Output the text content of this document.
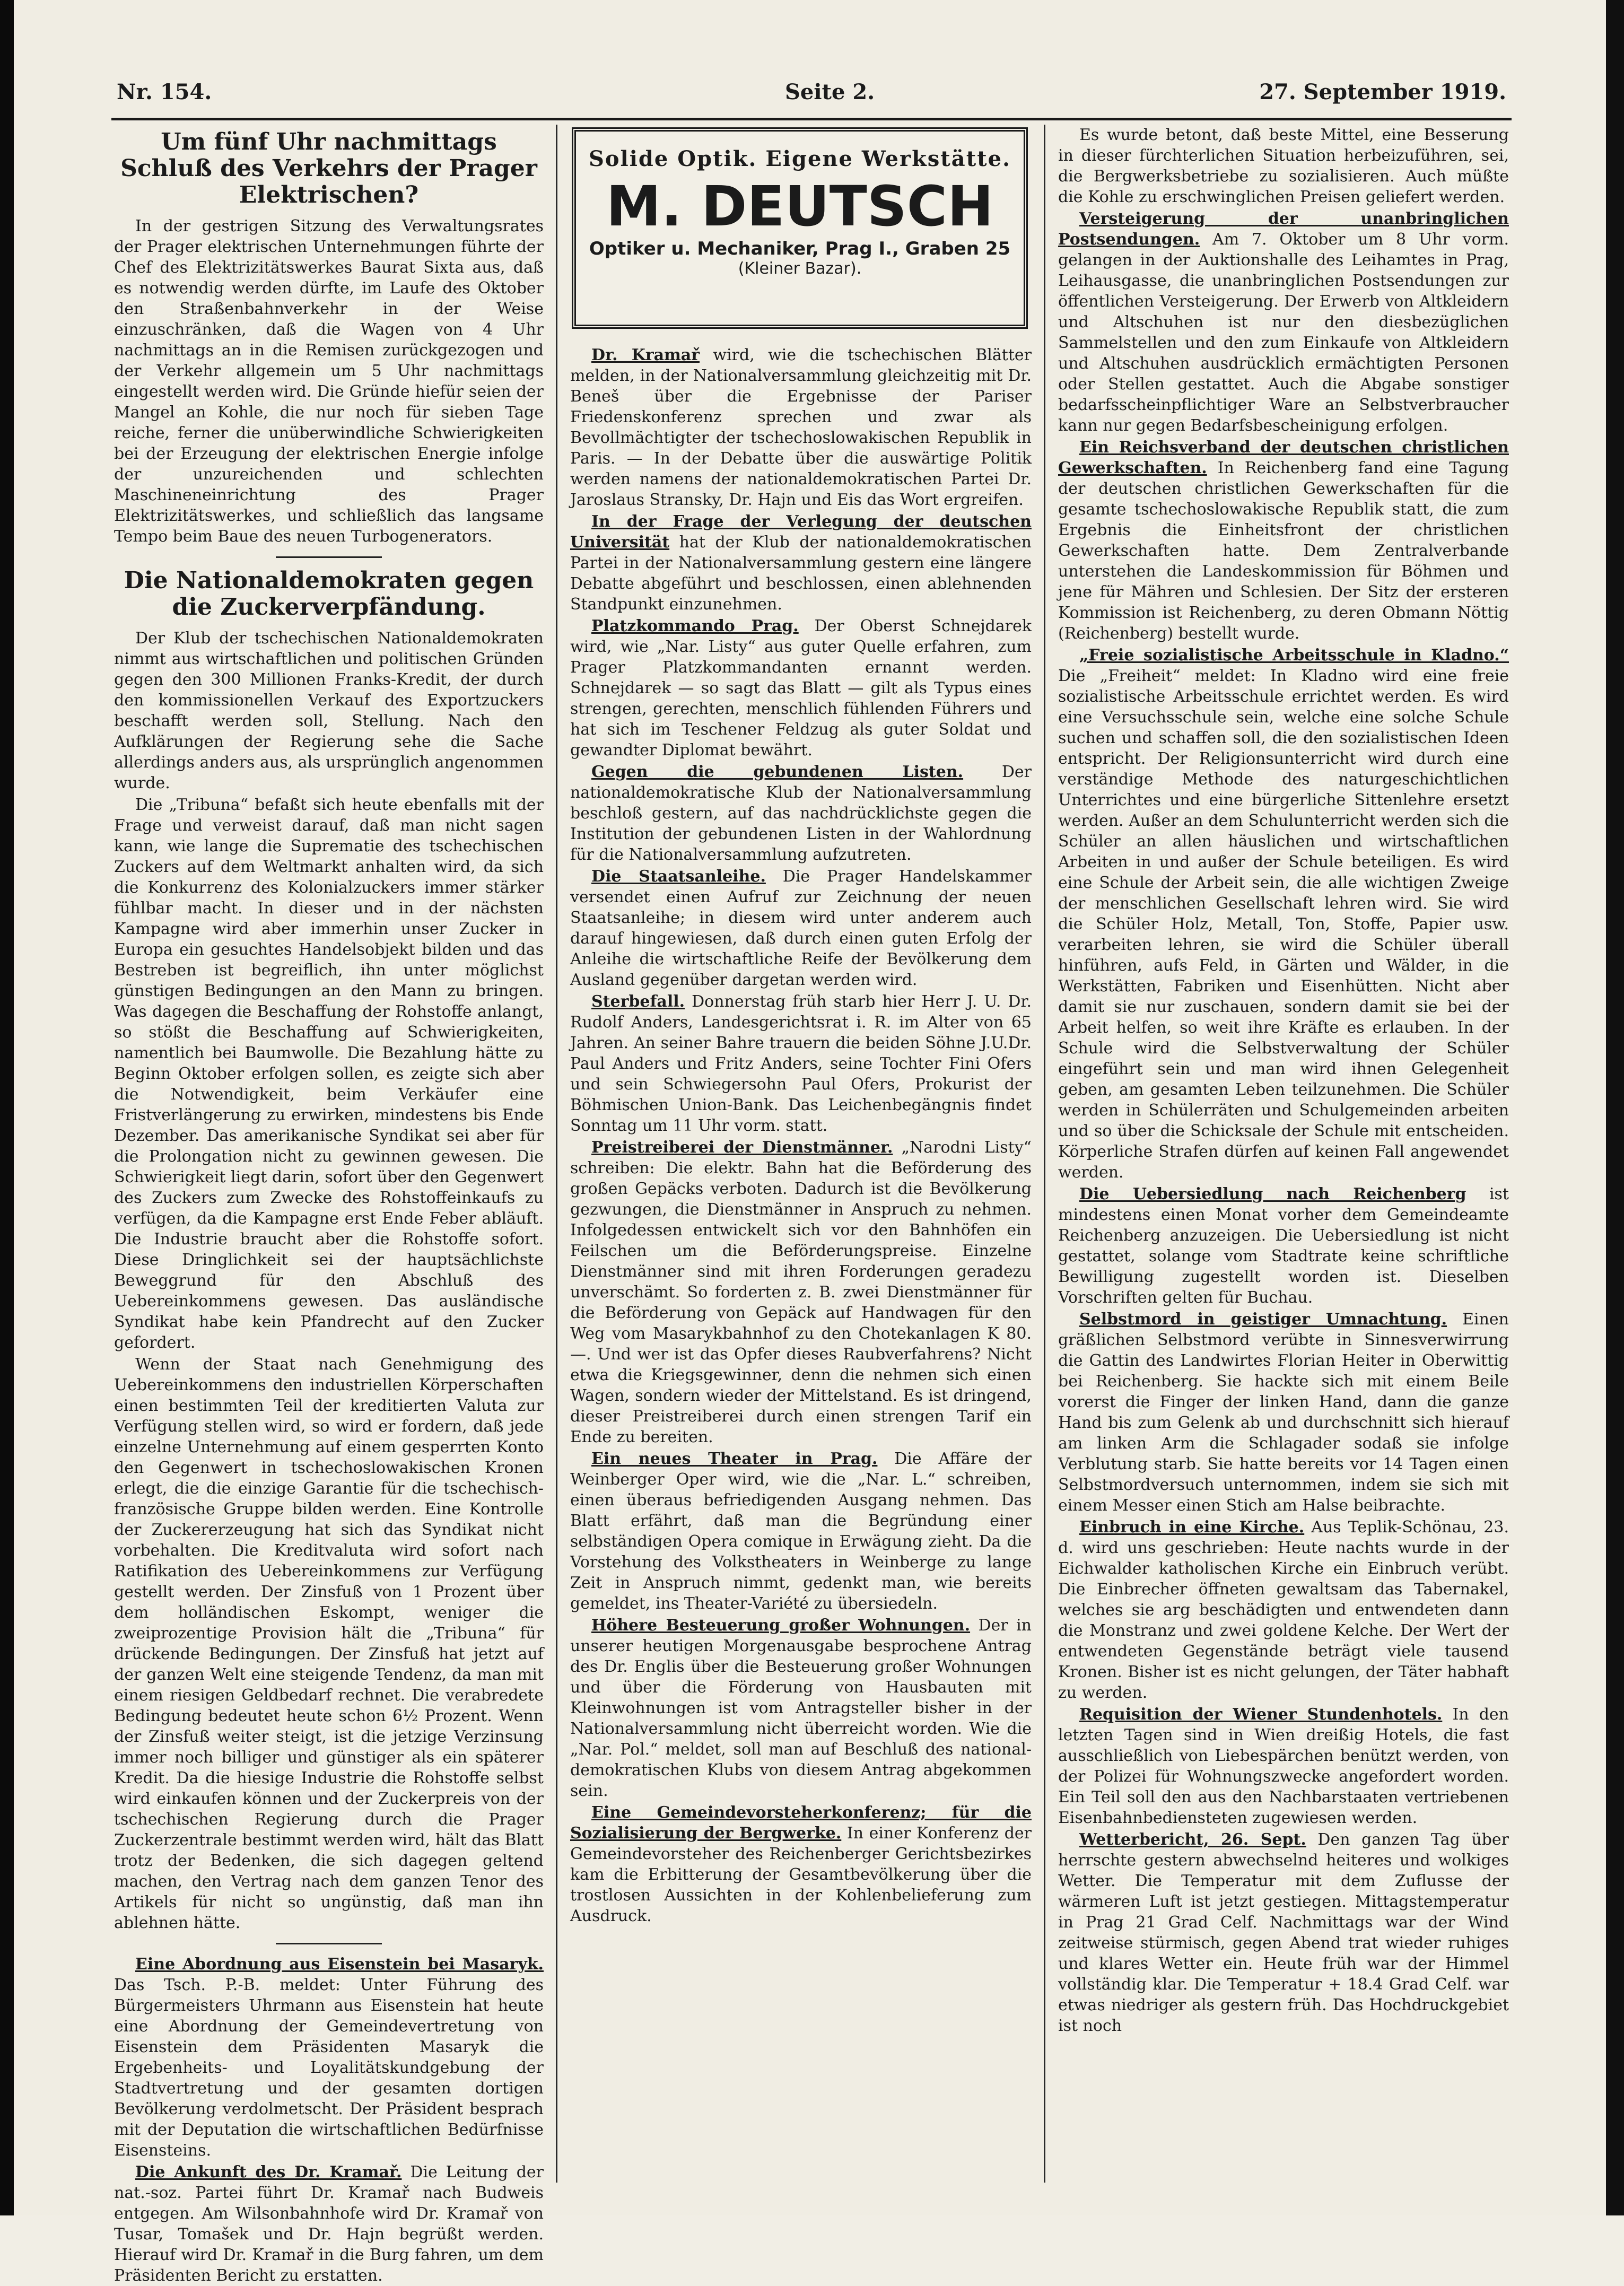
Nr. 154.	Seite 2.	27. September 1919.
Um fünf Uhr nachmittags Schluß des Verkehrs der Prager Elektrischen?

In der gestrigen Sitzung des Verwaltungsrates der Prager elektrischen Unternehmungen führte der Chef des Elektrizitätswerkes Baurat Sixta aus, daß es notwendig werden dürfte, im Laufe des Oktober den Straßenbahnverkehr in der Weise einzuschränken, daß die Wagen von 4 Uhr nachmittags an in die Remisen zurückgezogen und der Verkehr allgemein um 5 Uhr nachmittags eingestellt werden wird. Die Gründe hiefür seien der Mangel an Kohle, die nur noch für sieben Tage reiche, ferner die unüberwindliche Schwierigkeiten bei der Erzeugung der elektrischen Energie infolge der unzureichenden und schlechten Maschineneinrichtung des Prager Elektrizitätswerkes, und schließlich das langsame Tempo beim Baue des neuen Turbogenerators.

Die Nationaldemokraten gegen die Zuckerverpfändung.

Der Klub der tschechischen Nationaldemokraten nimmt aus wirtschaftlichen und politischen Gründen gegen den 300 Millionen Franks-Kredit, der durch den kommissionellen Verkauf des Exportzuckers beschafft werden soll, Stellung. Nach den Aufklärungen der Regierung sehe die Sache allerdings anders aus, als ursprünglich angenommen wurde.

Die „Tribuna“ befaßt sich heute ebenfalls mit der Frage und verweist darauf, daß man nicht sagen kann, wie lange die Suprematie des tschechischen Zuckers auf dem Weltmarkt anhalten wird, da sich die Konkurrenz des Kolonialzuckers immer stärker fühlbar macht. In dieser und in der nächsten Kampagne wird aber immerhin unser Zucker in Europa ein gesuchtes Handelsobjekt bilden und das Bestreben ist begreiflich, ihn unter möglichst günstigen Bedingungen an den Mann zu bringen. Was dagegen die Beschaffung der Rohstoffe anlangt, so stößt die Beschaffung auf Schwierigkeiten, namentlich bei Baumwolle. Die Bezahlung hätte zu Beginn Oktober erfolgen sollen, es zeigte sich aber die Notwendigkeit, beim Verkäufer eine Fristverlängerung zu erwirken, mindestens bis Ende Dezember. Das amerikanische Syndikat sei aber für die Prolongation nicht zu gewinnen gewesen. Die Schwierigkeit liegt darin, sofort über den Gegenwert des Zuckers zum Zwecke des Rohstoffeinkaufs zu verfügen, da die Kampagne erst Ende Feber abläuft. Die Industrie braucht aber die Rohstoffe sofort. Diese Dringlichkeit sei der hauptsächlichste Beweggrund für den Abschluß des Uebereinkommens gewesen. Das ausländische Syndikat habe kein Pfandrecht auf den Zucker gefordert.

Wenn der Staat nach Genehmigung des Uebereinkommens den industriellen Körperschaften einen bestimmten Teil der kreditierten Valuta zur Verfügung stellen wird, so wird er fordern, daß jede einzelne Unternehmung auf einem gesperrten Konto den Gegenwert in tschechoslowakischen Kronen erlegt, die die einzige Garantie für die tschechisch-französische Gruppe bilden werden. Eine Kontrolle der Zuckererzeugung hat sich das Syndikat nicht vorbehalten. Die Kreditvaluta wird sofort nach Ratifikation des Uebereinkommens zur Verfügung gestellt werden. Der Zinsfuß von 1 Prozent über dem holländischen Eskompt, weniger die zweiprozentige Provision hält die „Tribuna“ für drückende Bedingungen. Der Zinsfuß hat jetzt auf der ganzen Welt eine steigende Tendenz, da man mit einem riesigen Geldbedarf rechnet. Die verabredete Bedingung bedeutet heute schon 6½ Prozent. Wenn der Zinsfuß weiter steigt, ist die jetzige Verzinsung immer noch billiger und günstiger als ein späterer Kredit. Da die hiesige Industrie die Rohstoffe selbst wird einkaufen können und der Zuckerpreis von der tschechischen Regierung durch die Prager Zuckerzentrale bestimmt werden wird, hält das Blatt trotz der Bedenken, die sich dagegen geltend machen, den Vertrag nach dem ganzen Tenor des Artikels für nicht so ungünstig, daß man ihn ablehnen hätte.

Eine Abordnung aus Eisenstein bei Masaryk. Das Tsch. P.-B. meldet: Unter Führung des Bürgermeisters Uhrmann aus Eisenstein hat heute eine Abordnung der Gemeindevertretung von Eisenstein dem Präsidenten Masaryk die Ergebenheits- und Loyalitätskundgebung der Stadtvertretung und der gesamten dortigen Bevölkerung verdolmetscht. Der Präsident besprach mit der Deputation die wirtschaftlichen Bedürfnisse Eisensteins.

Die Ankunft des Dr. Kramař. Die Leitung der nat.-soz. Partei führt Dr. Kramař nach Budweis entgegen. Am Wilsonbahnhofe wird Dr. Kramař von Tusar, Tomašek und Dr. Hajn begrüßt werden. Hierauf wird Dr. Kramař in die Burg fahren, um dem Präsidenten Bericht zu erstatten.

Solide Optik. Eigene Werkstätte.
M. DEUTSCH
Optiker u. Mechaniker, Prag I., Graben 25
(Kleiner Bazar).

Dr. Kramař wird, wie die tschechischen Blätter melden, in der Nationalversammlung gleichzeitig mit Dr. Beneš über die Ergebnisse der Pariser Friedenskonferenz sprechen und zwar als Bevollmächtigter der tschechoslowakischen Republik in Paris. — In der Debatte über die auswärtige Politik werden namens der nationaldemokratischen Partei Dr. Jaroslaus Stransky, Dr. Hajn und Eis das Wort ergreifen.

In der Frage der Verlegung der deutschen Universität hat der Klub der nationaldemokratischen Partei in der Nationalversammlung gestern eine längere Debatte abgeführt und beschlossen, einen ablehnenden Standpunkt einzunehmen.

Platzkommando Prag. Der Oberst Schnejdarek wird, wie „Nar. Listy“ aus guter Quelle erfahren, zum Prager Platzkommandanten ernannt werden. Schnejdarek — so sagt das Blatt — gilt als Typus eines strengen, gerechten, menschlich fühlenden Führers und hat sich im Teschener Feldzug als guter Soldat und gewandter Diplomat bewährt.

Gegen die gebundenen Listen. Der nationaldemokratische Klub der Nationalversammlung beschloß gestern, auf das nachdrücklichste gegen die Institution der gebundenen Listen in der Wahlordnung für die Nationalversammlung aufzutreten.

Die Staatsanleihe. Die Prager Handelskammer versendet einen Aufruf zur Zeichnung der neuen Staatsanleihe; in diesem wird unter anderem auch darauf hingewiesen, daß durch einen guten Erfolg der Anleihe die wirtschaftliche Reife der Bevölkerung dem Ausland gegenüber dargetan werden wird.

Sterbefall. Donnerstag früh starb hier Herr J. U. Dr. Rudolf Anders, Landesgerichtsrat i. R. im Alter von 65 Jahren. An seiner Bahre trauern die beiden Söhne J.U.Dr. Paul Anders und Fritz Anders, seine Tochter Fini Ofers und sein Schwiegersohn Paul Ofers, Prokurist der Böhmischen Union-Bank. Das Leichenbegängnis findet Sonntag um 11 Uhr vorm. statt.

Preistreiberei der Dienstmänner. „Narodni Listy“ schreiben: Die elektr. Bahn hat die Beförderung des großen Gepäcks verboten. Dadurch ist die Bevölkerung gezwungen, die Dienstmänner in Anspruch zu nehmen. Infolgedessen entwickelt sich vor den Bahnhöfen ein Feilschen um die Beförderungspreise. Einzelne Dienstmänner sind mit ihren Forderungen geradezu unverschämt. So forderten z. B. zwei Dienstmänner für die Beförderung von Gepäck auf Handwagen für den Weg vom Masarykbahnhof zu den Chotekanlagen K 80.—. Und wer ist das Opfer dieses Raubverfahrens? Nicht etwa die Kriegsgewinner, denn die nehmen sich einen Wagen, sondern wieder der Mittelstand. Es ist dringend, dieser Preistreiberei durch einen strengen Tarif ein Ende zu bereiten.

Ein neues Theater in Prag. Die Affäre der Weinberger Oper wird, wie die „Nar. L.“ schreiben, einen überaus befriedigenden Ausgang nehmen. Das Blatt erfährt, daß man die Begründung einer selbständigen Opera comique in Erwägung zieht. Da die Vorstehung des Volkstheaters in Weinberge zu lange Zeit in Anspruch nimmt, gedenkt man, wie bereits gemeldet, ins Theater-Variété zu übersiedeln.

Höhere Besteuerung großer Wohnungen. Der in unserer heutigen Morgenausgabe besprochene Antrag des Dr. Englis über die Besteuerung großer Wohnungen und über die Förderung von Hausbauten mit Kleinwohnungen ist vom Antragsteller bisher in der Nationalversammlung nicht überreicht worden. Wie die „Nar. Pol.“ meldet, soll man auf Beschluß des national-demokratischen Klubs von diesem Antrag abgekommen sein.

Eine Gemeindevorsteherkonferenz; für die Sozialisierung der Bergwerke. In einer Konferenz der Gemeindevorsteher des Reichenberger Gerichtsbezirkes kam die Erbitterung der Gesamtbevölkerung über die trostlosen Aussichten in der Kohlenbelieferung zum Ausdruck.

Es wurde betont, daß beste Mittel, eine Besserung in dieser fürchterlichen Situation herbeizuführen, sei, die Bergwerksbetriebe zu sozialisieren. Auch müßte die Kohle zu erschwinglichen Preisen geliefert werden.

Versteigerung der unanbringlichen Postsendungen. Am 7. Oktober um 8 Uhr vorm. gelangen in der Auktionshalle des Leihamtes in Prag, Leihausgasse, die unanbringlichen Postsendungen zur öffentlichen Versteigerung. Der Erwerb von Altkleidern und Altschuhen ist nur den diesbezüglichen Sammelstellen und den zum Einkaufe von Altkleidern und Altschuhen ausdrücklich ermächtigten Personen oder Stellen gestattet. Auch die Abgabe sonstiger bedarfsscheinpflichtiger Ware an Selbstverbraucher kann nur gegen Bedarfsbescheinigung erfolgen.

Ein Reichsverband der deutschen christlichen Gewerkschaften. In Reichenberg fand eine Tagung der deutschen christlichen Gewerkschaften für die gesamte tschechoslowakische Republik statt, die zum Ergebnis die Einheitsfront der christlichen Gewerkschaften hatte. Dem Zentralverbande unterstehen die Landeskommission für Böhmen und jene für Mähren und Schlesien. Der Sitz der ersteren Kommission ist Reichenberg, zu deren Obmann Nöttig (Reichenberg) bestellt wurde.

„Freie sozialistische Arbeitsschule in Kladno.“ Die „Freiheit“ meldet: In Kladno wird eine freie sozialistische Arbeitsschule errichtet werden. Es wird eine Versuchsschule sein, welche eine solche Schule suchen und schaffen soll, die den sozialistischen Ideen entspricht. Der Religionsunterricht wird durch eine verständige Methode des naturgeschichtlichen Unterrichtes und eine bürgerliche Sittenlehre ersetzt werden. Außer an dem Schulunterricht werden sich die Schüler an allen häuslichen und wirtschaftlichen Arbeiten in und außer der Schule beteiligen. Es wird eine Schule der Arbeit sein, die alle wichtigen Zweige der menschlichen Gesellschaft lehren wird. Sie wird die Schüler Holz, Metall, Ton, Stoffe, Papier usw. verarbeiten lehren, sie wird die Schüler überall hinführen, aufs Feld, in Gärten und Wälder, in die Werkstätten, Fabriken und Eisenhütten. Nicht aber damit sie nur zuschauen, sondern damit sie bei der Arbeit helfen, so weit ihre Kräfte es erlauben. In der Schule wird die Selbstverwaltung der Schüler eingeführt sein und man wird ihnen Gelegenheit geben, am gesamten Leben teilzunehmen. Die Schüler werden in Schülerräten und Schulgemeinden arbeiten und so über die Schicksale der Schule mit entscheiden. Körperliche Strafen dürfen auf keinen Fall angewendet werden.

Die Uebersiedlung nach Reichenberg ist mindestens einen Monat vorher dem Gemeindeamte Reichenberg anzuzeigen. Die Uebersiedlung ist nicht gestattet, solange vom Stadtrate keine schriftliche Bewilligung zugestellt worden ist. Dieselben Vorschriften gelten für Buchau.

Selbstmord in geistiger Umnachtung. Einen gräßlichen Selbstmord verübte in Sinnesverwirrung die Gattin des Landwirtes Florian Heiter in Oberwittig bei Reichenberg. Sie hackte sich mit einem Beile vorerst die Finger der linken Hand, dann die ganze Hand bis zum Gelenk ab und durchschnitt sich hierauf am linken Arm die Schlagader sodaß sie infolge Verblutung starb. Sie hatte bereits vor 14 Tagen einen Selbstmordversuch unternommen, indem sie sich mit einem Messer einen Stich am Halse beibrachte.

Einbruch in eine Kirche. Aus Teplik-Schönau, 23. d. wird uns geschrieben: Heute nachts wurde in der Eichwalder katholischen Kirche ein Einbruch verübt. Die Einbrecher öffneten gewaltsam das Tabernakel, welches sie arg beschädigten und entwendeten dann die Monstranz und zwei goldene Kelche. Der Wert der entwendeten Gegenstände beträgt viele tausend Kronen. Bisher ist es nicht gelungen, der Täter habhaft zu werden.

Requisition der Wiener Stundenhotels. In den letzten Tagen sind in Wien dreißig Hotels, die fast ausschließlich von Liebespärchen benützt werden, von der Polizei für Wohnungszwecke angefordert worden. Ein Teil soll den aus den Nachbarstaaten vertriebenen Eisenbahnbediensteten zugewiesen werden.

Wetterbericht, 26. Sept. Den ganzen Tag über herrschte gestern abwechselnd heiteres und wolkiges Wetter. Die Temperatur mit dem Zuflusse der wärmeren Luft ist jetzt gestiegen. Mittagstemperatur in Prag 21 Grad Celf. Nachmittags war der Wind zeitweise stürmisch, gegen Abend trat wieder ruhiges und klares Wetter ein. Heute früh war der Himmel vollständig klar. Die Temperatur + 18.4 Grad Celf. war etwas niedriger als gestern früh. Das Hochdruckgebiet ist noch
